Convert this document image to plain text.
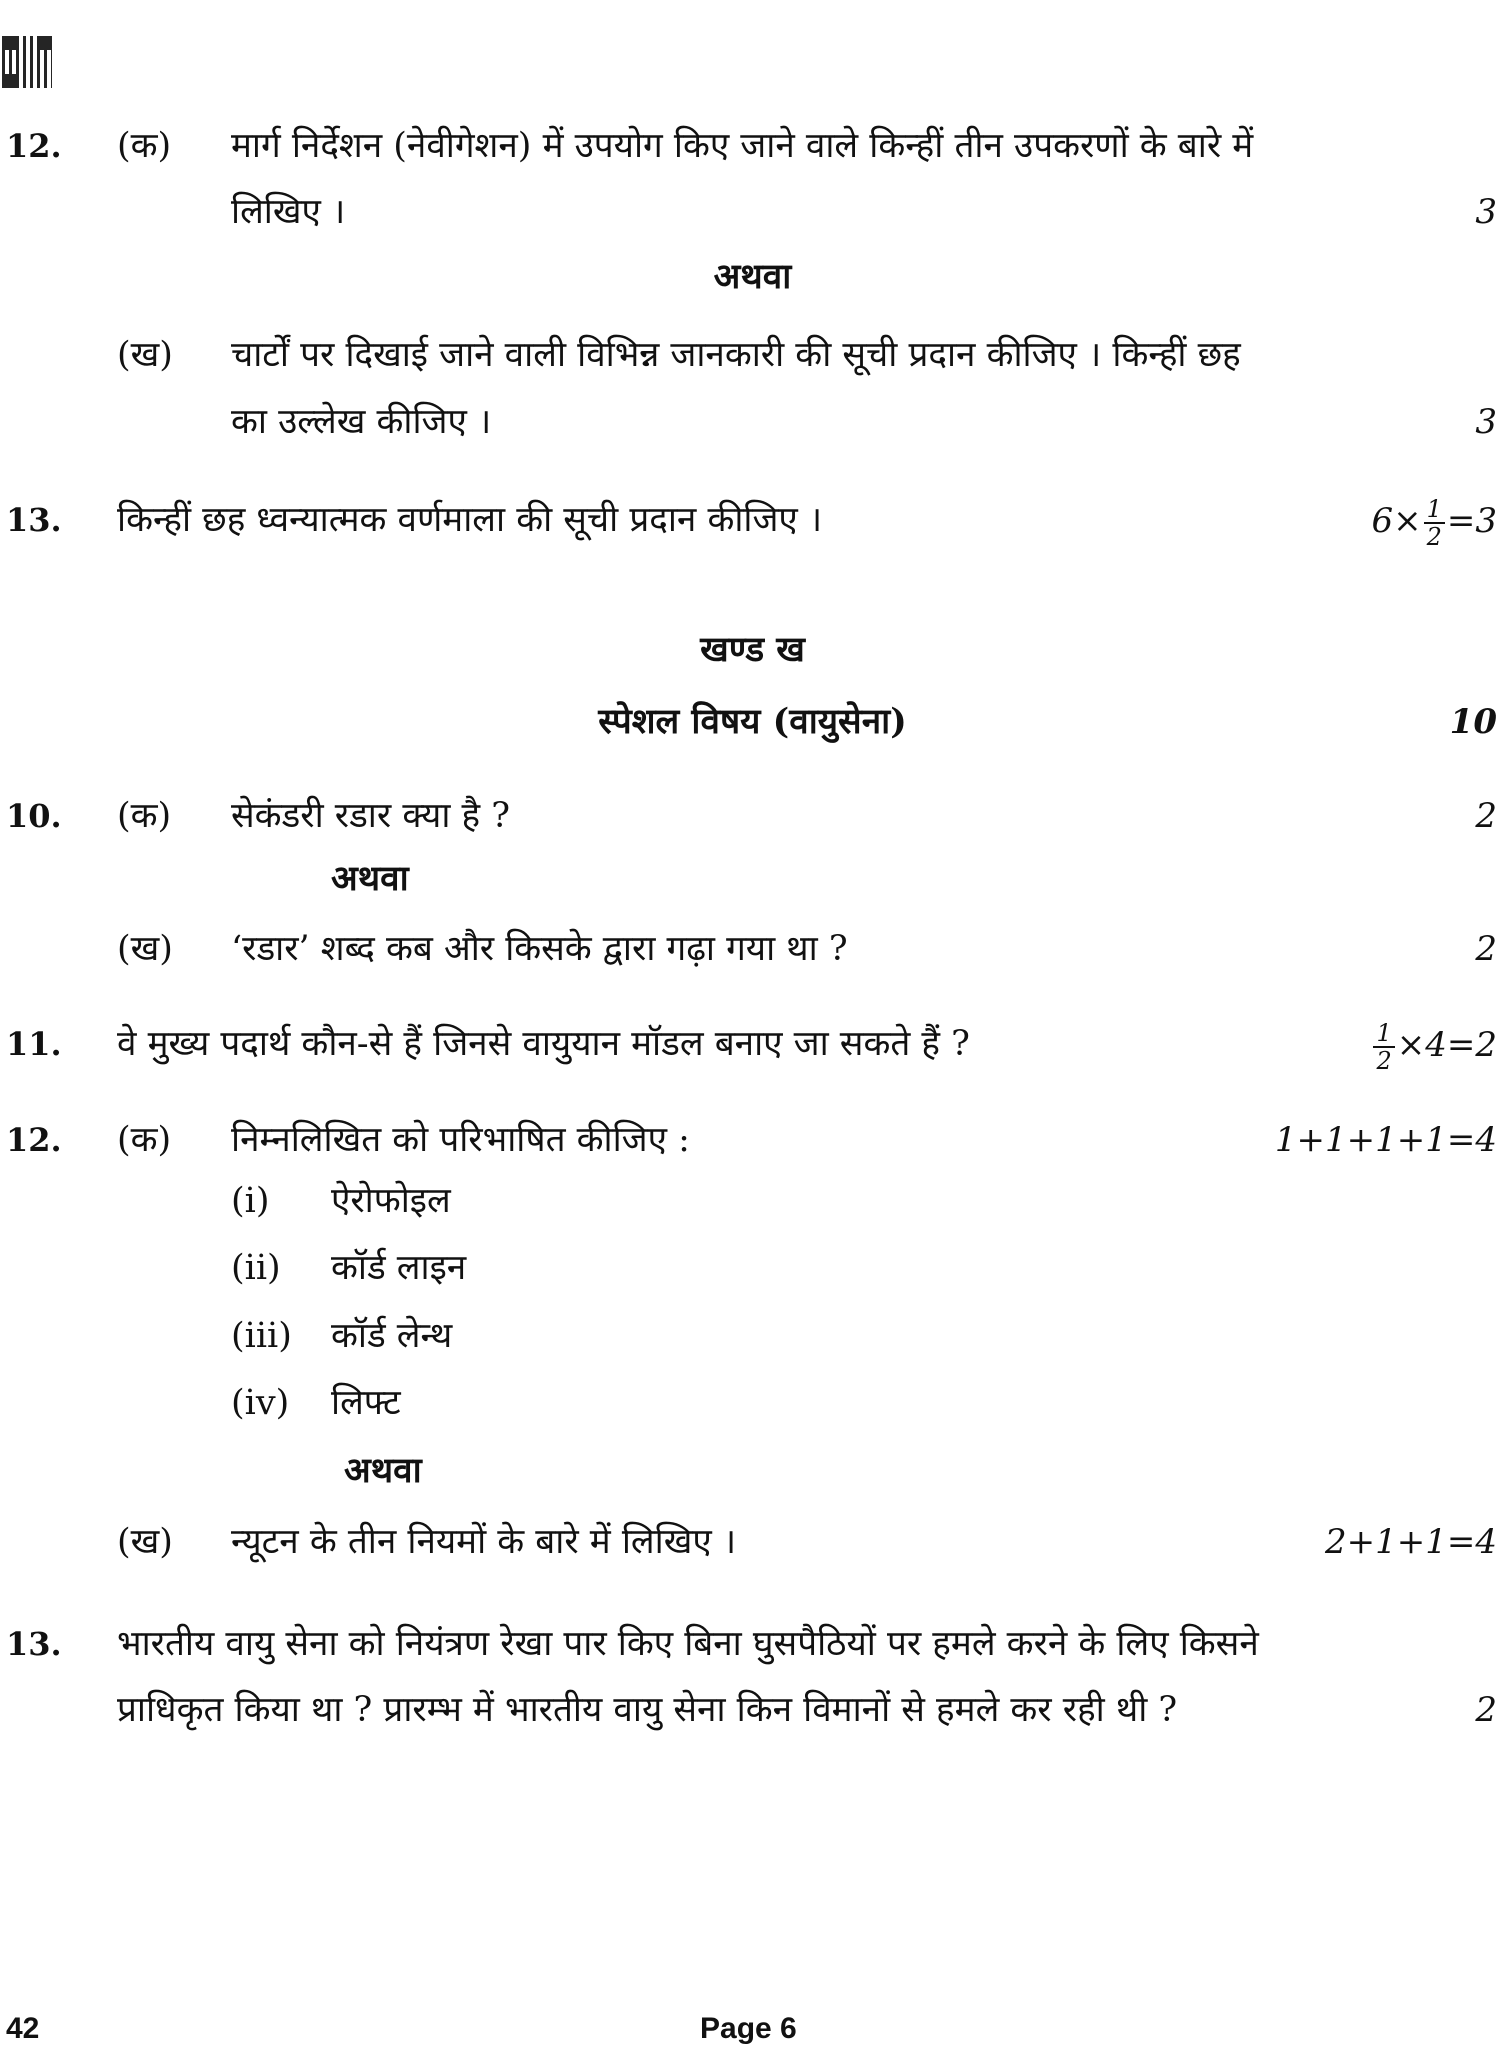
12. (क) मार्ग निर्देशन (नेवीगेशन) में उपयोग किए जाने वाले किन्हीं तीन उपकरणों के बारे में
लिखिए ।	3
अथवा
(ख) चार्टों पर दिखाई जाने वाली विभिन्न जानकारी की सूची प्रदान कीजिए । किन्हीं छह
का उल्लेख कीजिए ।	3
13. किन्हीं छह ध्वन्यात्मक वर्णमाला की सूची प्रदान कीजिए ।	$6\times \frac{1}{2} =3$
खण्ड ख
स्पेशल विषय (वायुसेना)	10
10. (क) सेकंडरी रडार क्या है ?	2
अथवा
(ख) ‘रडार’ शब्द कब और किसके द्वारा गढ़ा गया था ?	2
11. वे मुख्य पदार्थ कौन-से हैं जिनसे वायुयान मॉडल बनाए जा सकते हैं ?	$\frac{1}{2} \times 4=2$
12. (क) निम्नलिखित को परिभाषित कीजिए :	1+1+1+1=4
(i) ऐरोफोइल
(ii) कॉर्ड लाइन
(iii) कॉर्ड लेन्थ
(iv) लिफ्ट
अथवा
(ख) न्यूटन के तीन नियमों के बारे में लिखिए ।	2+1+1=4
13. भारतीय वायु सेना को नियंत्रण रेखा पार किए बिना घुसपैठियों पर हमले करने के लिए किसने
प्राधिकृत किया था ? प्रारम्भ में भारतीय वायु सेना किन विमानों से हमले कर रही थी ?	2
42	Page 6
